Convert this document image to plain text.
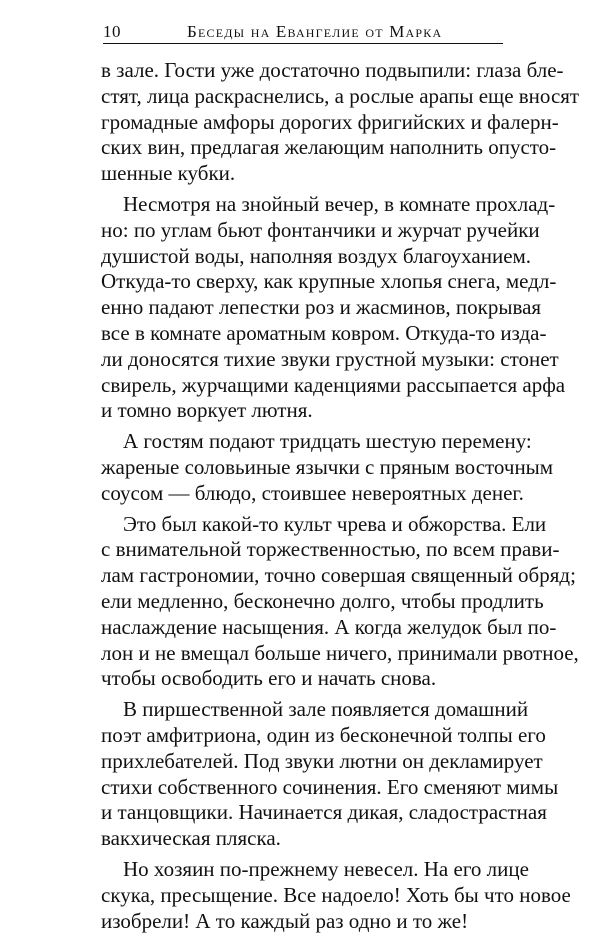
10	Беседы на Евангелие от Марка
в зале. Гости уже достаточно подвыпили: глаза бле-
стят, лица раскраснелись, а рослые арапы еще вносят
громадные амфоры дорогих фригийских и фалерн-
ских вин, предлагая желающим наполнить опусто-
шенные кубки.
Несмотря на знойный вечер, в комнате прохлад-
но: по углам бьют фонтанчики и журчат ручейки
душистой воды, наполняя воздух благоуханием.
Откуда-то сверху, как крупные хлопья снега, медл-
енно падают лепестки роз и жасминов, покрывая
все в комнате ароматным ковром. Откуда-то изда-
ли доносятся тихие звуки грустной музыки: стонет
свирель, журчащими каденциями рассыпается арфа
и томно воркует лютня.
А гостям подают тридцать шестую перемену:
жареные соловьиные язычки с пряным восточным
соусом — блюдо, стоившее невероятных денег.
Это был какой-то культ чрева и обжорства. Ели
с внимательной торжественностью, по всем прави-
лам гастрономии, точно совершая священный обряд;
ели медленно, бесконечно долго, чтобы продлить
наслаждение насыщения. А когда желудок был по-
лон и не вмещал больше ничего, принимали рвотное,
чтобы освободить его и начать снова.
В пиршественной зале появляется домашний
поэт амфитриона, один из бесконечной толпы его
прихлебателей. Под звуки лютни он декламирует
стихи собственного сочинения. Его сменяют мимы
и танцовщики. Начинается дикая, сладострастная
вакхическая пляска.
Но хозяин по-прежнему невесел. На его лице
скука, пресыщение. Все надоело! Хоть бы что новое
изобрели! А то каждый раз одно и то же!
